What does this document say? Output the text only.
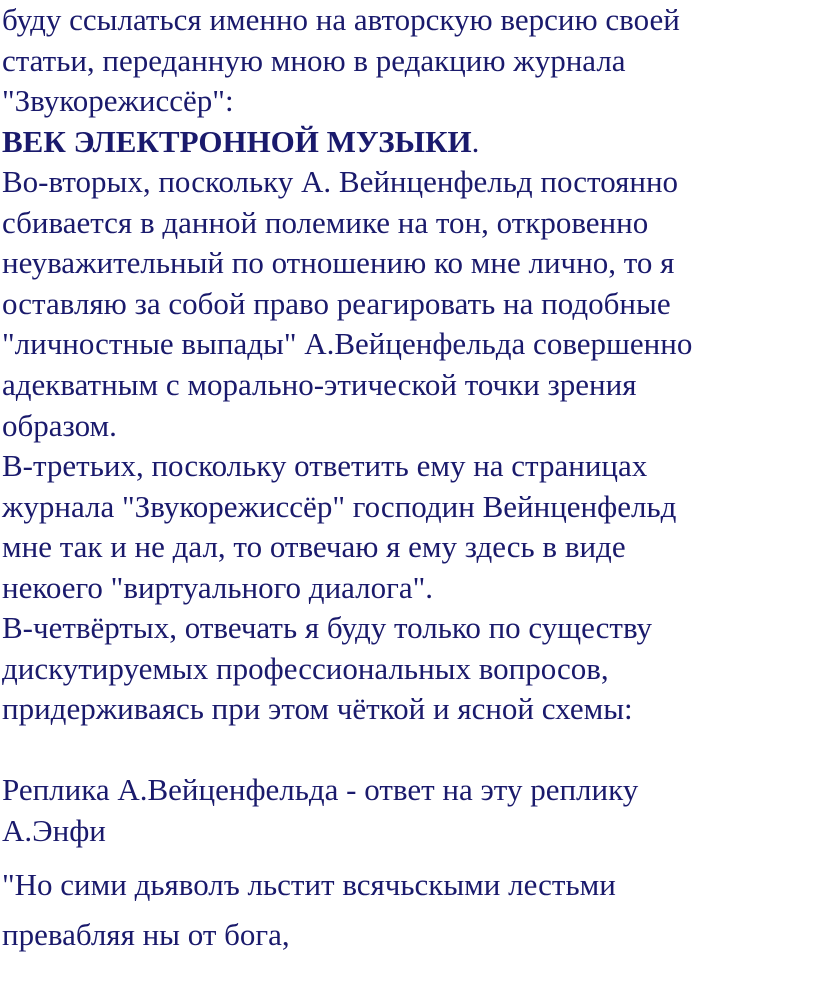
буду ссылаться именно на авторскую версию своей
статьи, переданную мною в редакцию журнала
"Звукорежиссёр":
ВЕК ЭЛЕКТРОННОЙ МУЗЫКИ.
Во-вторых, поскольку А. Вейнценфельд постоянно
сбивается в данной полемике на тон, откровенно
неуважительный по отношению ко мне лично, то я
оставляю за собой право реагировать на подобные
"личностные выпады" А.Вейценфельда совершенно
адекватным с морально-этической точки зрения
образом.
В-третьих, поскольку ответить ему на страницах
журнала "Звукорежиссёр" господин Вейнценфельд
мне так и не дал, то отвечаю я ему здесь в виде
некоего "виртуального диалога".
В-четвёртых, отвечать я буду только по существу
дискутируемых профессиональных вопросов,
придерживаясь при этом чёткой и ясной схемы:
Реплика А.Вейценфельда - ответ на эту реплику
А.Энфи
"Но сими дьяволъ льстит всячьскыми лестьми
превабляя ны от бога,
